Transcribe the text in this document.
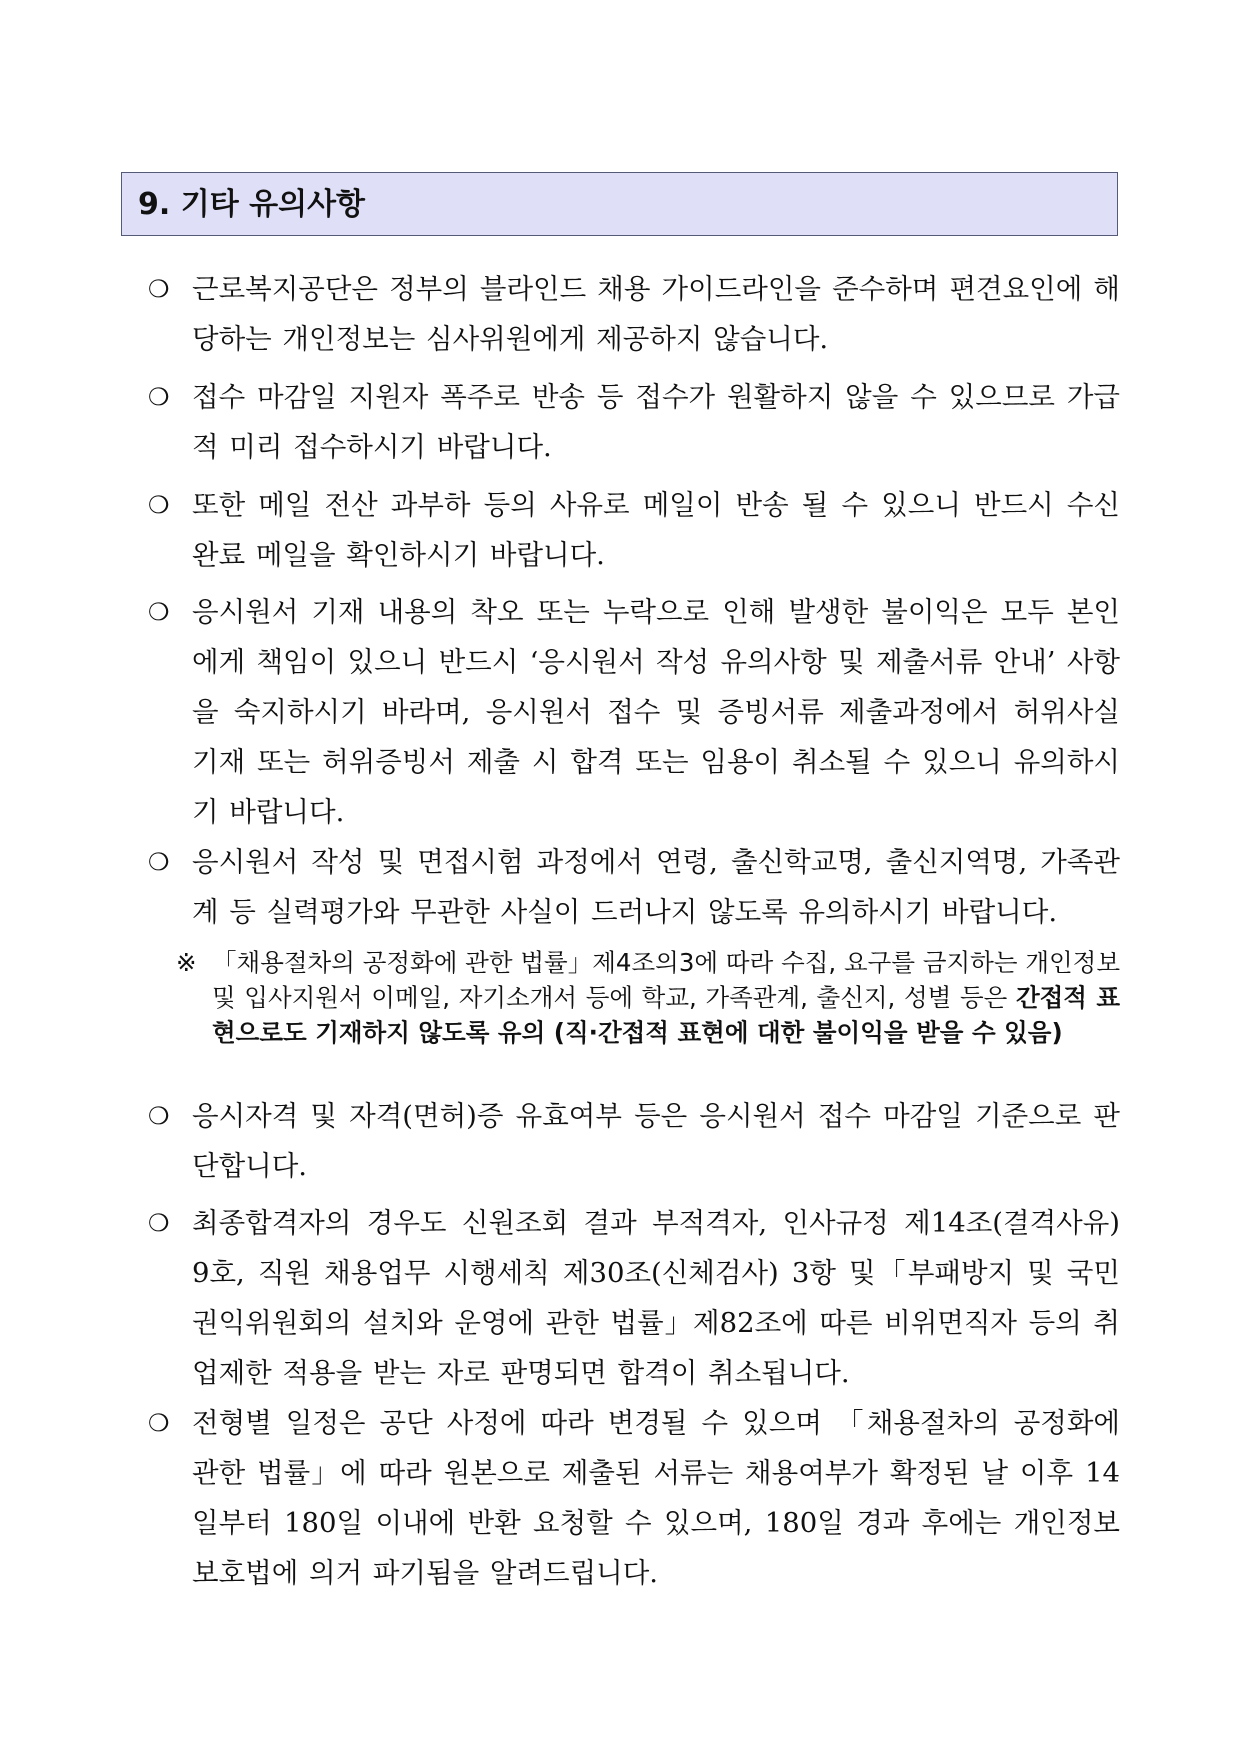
9. 기타 유의사항
❍ 근로복지공단은 정부의 블라인드 채용 가이드라인을 준수하며 편견요인에 해당하는 개인정보는 심사위원에게 제공하지 않습니다.
❍ 접수 마감일 지원자 폭주로 반송 등 접수가 원활하지 않을 수 있으므로 가급적 미리 접수하시기 바랍니다.
❍ 또한 메일 전산 과부하 등의 사유로 메일이 반송 될 수 있으니 반드시 수신 완료 메일을 확인하시기 바랍니다.
❍ 응시원서 기재 내용의 착오 또는 누락으로 인해 발생한 불이익은 모두 본인에게 책임이 있으니 반드시 ‘응시원서 작성 유의사항 및 제출서류 안내’ 사항을 숙지하시기 바라며, 응시원서 접수 및 증빙서류 제출과정에서 허위사실 기재 또는 허위증빙서 제출 시 합격 또는 임용이 취소될 수 있으니 유의하시기 바랍니다.
❍ 응시원서 작성 및 면접시험 과정에서 연령, 출신학교명, 출신지역명, 가족관계 등 실력평가와 무관한 사실이 드러나지 않도록 유의하시기 바랍니다.
※ 「채용절차의 공정화에 관한 법률」제4조의3에 따라 수집, 요구를 금지하는 개인정보 및 입사지원서 이메일, 자기소개서 등에 학교, 가족관계, 출신지, 성별 등은 간접적 표현으로도 기재하지 않도록 유의 (직·간접적 표현에 대한 불이익을 받을 수 있음)
❍ 응시자격 및 자격(면허)증 유효여부 등은 응시원서 접수 마감일 기준으로 판단합니다.
❍ 최종합격자의 경우도 신원조회 결과 부적격자, 인사규정 제14조(결격사유) 9호, 직원 채용업무 시행세칙 제30조(신체검사) 3항 및「부패방지 및 국민권익위원회의 설치와 운영에 관한 법률」제82조에 따른 비위면직자 등의 취업제한 적용을 받는 자로 판명되면 합격이 취소됩니다.
❍ 전형별 일정은 공단 사정에 따라 변경될 수 있으며 「채용절차의 공정화에 관한 법률」에 따라 원본으로 제출된 서류는 채용여부가 확정된 날 이후 14일부터 180일 이내에 반환 요청할 수 있으며, 180일 경과 후에는 개인정보보호법에 의거 파기됨을 알려드립니다.
